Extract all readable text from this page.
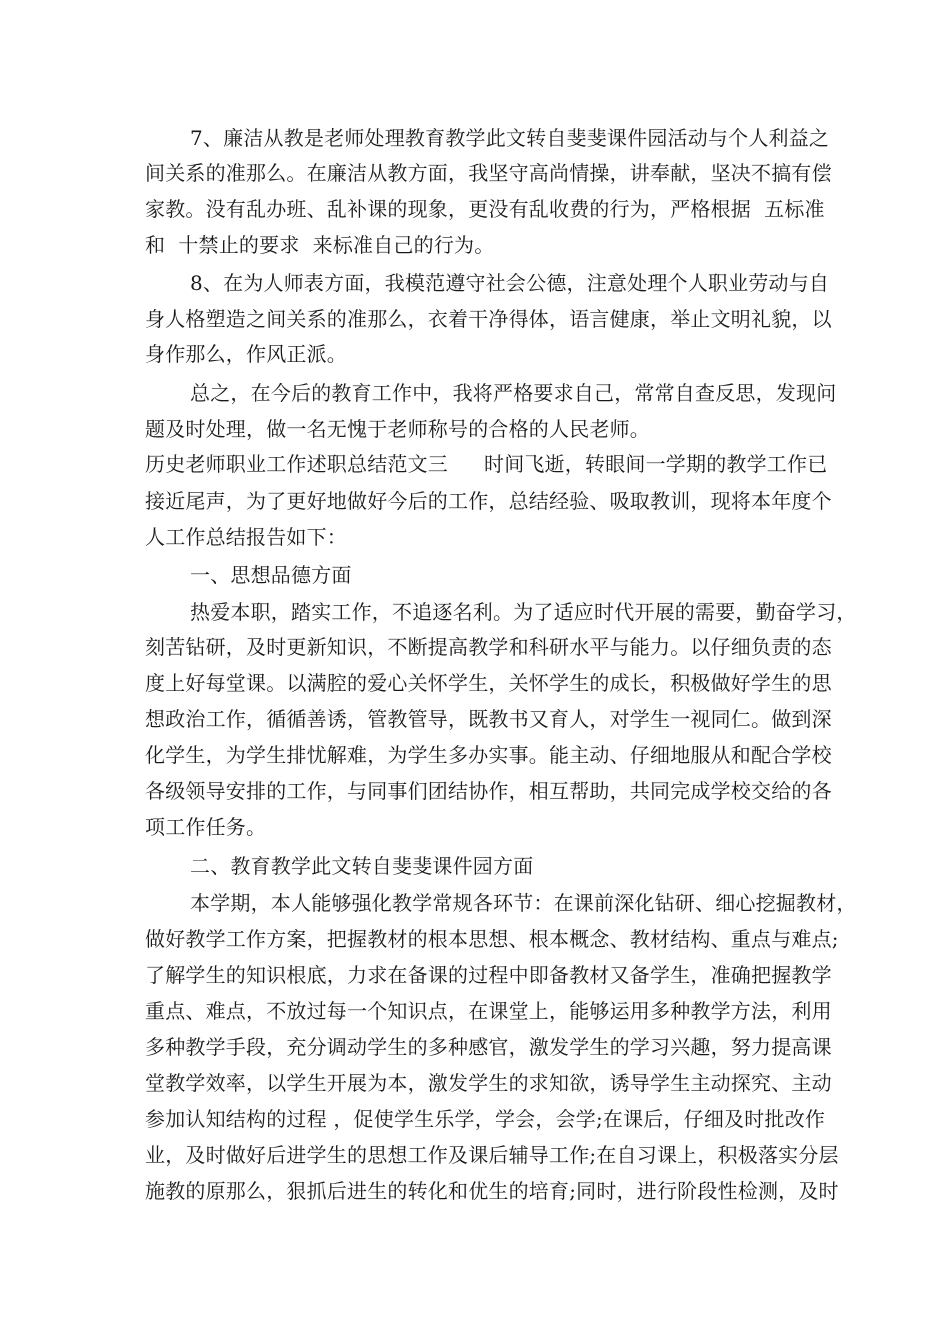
7、廉洁从教是老师处理教育教学此文转自斐斐课件园活动与个人利益之
间关系的准那么。在廉洁从教方面，我坚守高尚情操，讲奉献，坚决不搞有偿
家教。没有乱办班、乱补课的现象，更没有乱收费的行为，严格根据  五标准
和  十禁止的要求  来标准自己的行为。
8、在为人师表方面，我模范遵守社会公德，注意处理个人职业劳动与自
身人格塑造之间关系的准那么，衣着干净得体，语言健康，举止文明礼貌，以
身作那么，作风正派。
总之，在今后的教育工作中，我将严格要求自己，常常自查反思，发现问
题及时处理，做一名无愧于老师称号的合格的人民老师。
历史老师职业工作述职总结范文三 时间飞逝，转眼间一学期的教学工作已
接近尾声，为了更好地做好今后的工作，总结经验、吸取教训，现将本年度个
人工作总结报告如下：
一、思想品德方面
热爱本职，踏实工作，不追逐名利。为了适应时代开展的需要，勤奋学习，
刻苦钻研，及时更新知识，不断提高教学和科研水平与能力。以仔细负责的态
度上好每堂课。以满腔的爱心关怀学生，关怀学生的成长，积极做好学生的思
想政治工作，循循善诱，管教管导，既教书又育人，对学生一视同仁。做到深
化学生，为学生排忧解难，为学生多办实事。能主动、仔细地服从和配合学校
各级领导安排的工作，与同事们团结协作，相互帮助，共同完成学校交给的各
项工作任务。
二、教育教学此文转自斐斐课件园方面
本学期，本人能够强化教学常规各环节：在课前深化钻研、细心挖掘教材，
做好教学工作方案，把握教材的根本思想、根本概念、教材结构、重点与难点;
了解学生的知识根底，力求在备课的过程中即备教材又备学生，准确把握教学
重点、难点，不放过每一个知识点，在课堂上，能够运用多种教学方法，利用
多种教学手段，充分调动学生的多种感官，激发学生的学习兴趣，努力提高课
堂教学效率，以学生开展为本，激发学生的求知欲，诱导学生主动探究、主动
参加认知结构的过程 ，促使学生乐学，学会，会学;在课后，仔细及时批改作
业，及时做好后进学生的思想工作及课后辅导工作;在自习课上，积极落实分层
施教的原那么，狠抓后进生的转化和优生的培育;同时，进行阶段性检测，及时
